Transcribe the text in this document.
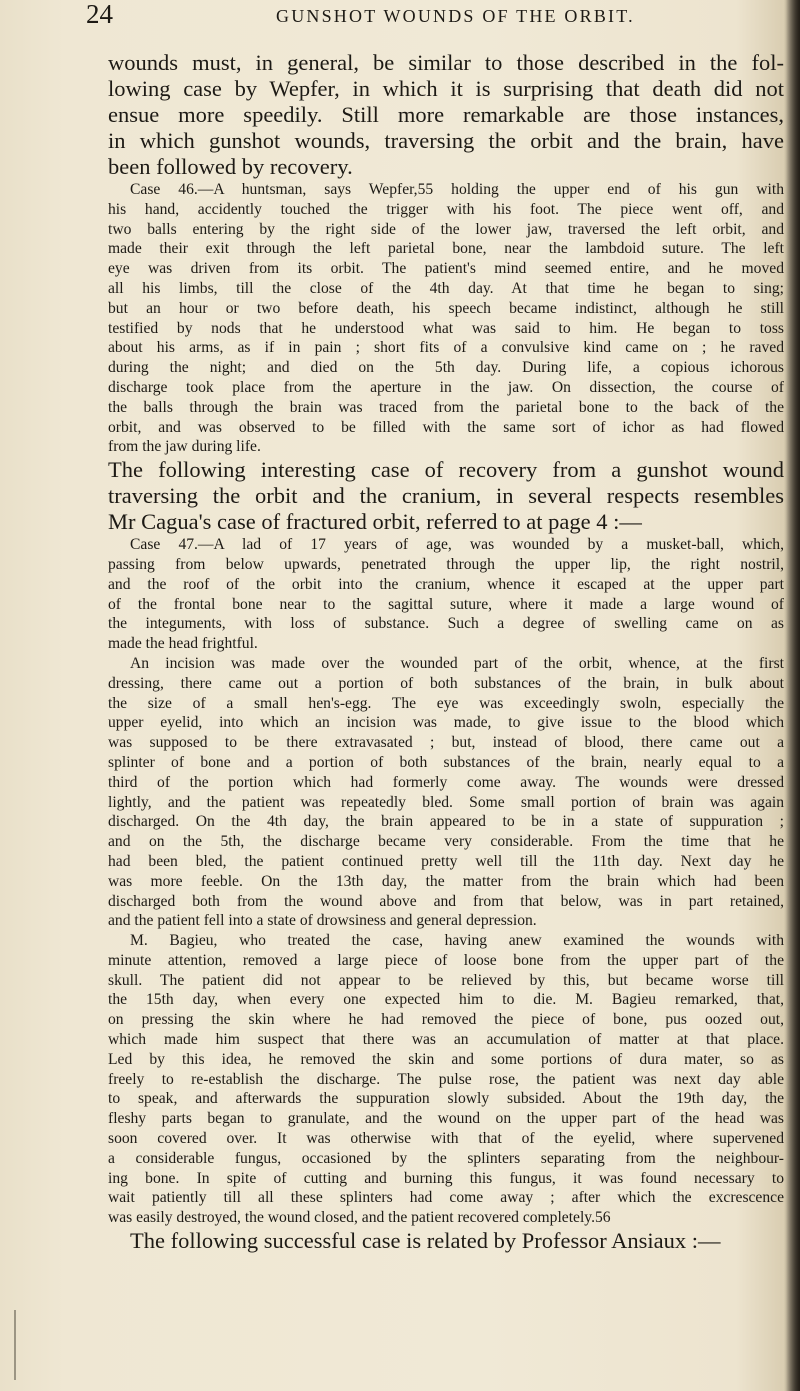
24	GUNSHOT WOUNDS OF THE ORBIT.
wounds must, in general, be similar to those described in the fol-
lowing case by Wepfer, in which it is surprising that death did not
ensue more speedily. Still more remarkable are those instances,
in which gunshot wounds, traversing the orbit and the brain, have
been followed by recovery.
Case 46.—A huntsman, says Wepfer,55 holding the upper end of his gun with
his hand, accidently touched the trigger with his foot. The piece went off, and
two balls entering by the right side of the lower jaw, traversed the left orbit, and
made their exit through the left parietal bone, near the lambdoid suture. The left
eye was driven from its orbit. The patient's mind seemed entire, and he moved
all his limbs, till the close of the 4th day. At that time he began to sing;
but an hour or two before death, his speech became indistinct, although he still
testified by nods that he understood what was said to him. He began to toss
about his arms, as if in pain ; short fits of a convulsive kind came on ; he raved
during the night; and died on the 5th day. During life, a copious ichorous
discharge took place from the aperture in the jaw. On dissection, the course of
the balls through the brain was traced from the parietal bone to the back of the
orbit, and was observed to be filled with the same sort of ichor as had flowed
from the jaw during life.
The following interesting case of recovery from a gunshot wound
traversing the orbit and the cranium, in several respects resembles
Mr Cagua's case of fractured orbit, referred to at page 4 :—
Case 47.—A lad of 17 years of age, was wounded by a musket-ball, which,
passing from below upwards, penetrated through the upper lip, the right nostril,
and the roof of the orbit into the cranium, whence it escaped at the upper part
of the frontal bone near to the sagittal suture, where it made a large wound of
the integuments, with loss of substance. Such a degree of swelling came on as
made the head frightful.
An incision was made over the wounded part of the orbit, whence, at the first
dressing, there came out a portion of both substances of the brain, in bulk about
the size of a small hen's-egg. The eye was exceedingly swoln, especially the
upper eyelid, into which an incision was made, to give issue to the blood which
was supposed to be there extravasated ; but, instead of blood, there came out a
splinter of bone and a portion of both substances of the brain, nearly equal to a
third of the portion which had formerly come away. The wounds were dressed
lightly, and the patient was repeatedly bled. Some small portion of brain was again
discharged. On the 4th day, the brain appeared to be in a state of suppuration ;
and on the 5th, the discharge became very considerable. From the time that he
had been bled, the patient continued pretty well till the 11th day. Next day he
was more feeble. On the 13th day, the matter from the brain which had been
discharged both from the wound above and from that below, was in part retained,
and the patient fell into a state of drowsiness and general depression.
M. Bagieu, who treated the case, having anew examined the wounds with
minute attention, removed a large piece of loose bone from the upper part of the
skull. The patient did not appear to be relieved by this, but became worse till
the 15th day, when every one expected him to die. M. Bagieu remarked, that,
on pressing the skin where he had removed the piece of bone, pus oozed out,
which made him suspect that there was an accumulation of matter at that place.
Led by this idea, he removed the skin and some portions of dura mater, so as
freely to re-establish the discharge. The pulse rose, the patient was next day able
to speak, and afterwards the suppuration slowly subsided. About the 19th day, the
fleshy parts began to granulate, and the wound on the upper part of the head was
soon covered over. It was otherwise with that of the eyelid, where supervened
a considerable fungus, occasioned by the splinters separating from the neighbour-
ing bone. In spite of cutting and burning this fungus, it was found necessary to
wait patiently till all these splinters had come away ; after which the excrescence
was easily destroyed, the wound closed, and the patient recovered completely.56
The following successful case is related by Professor Ansiaux :—
